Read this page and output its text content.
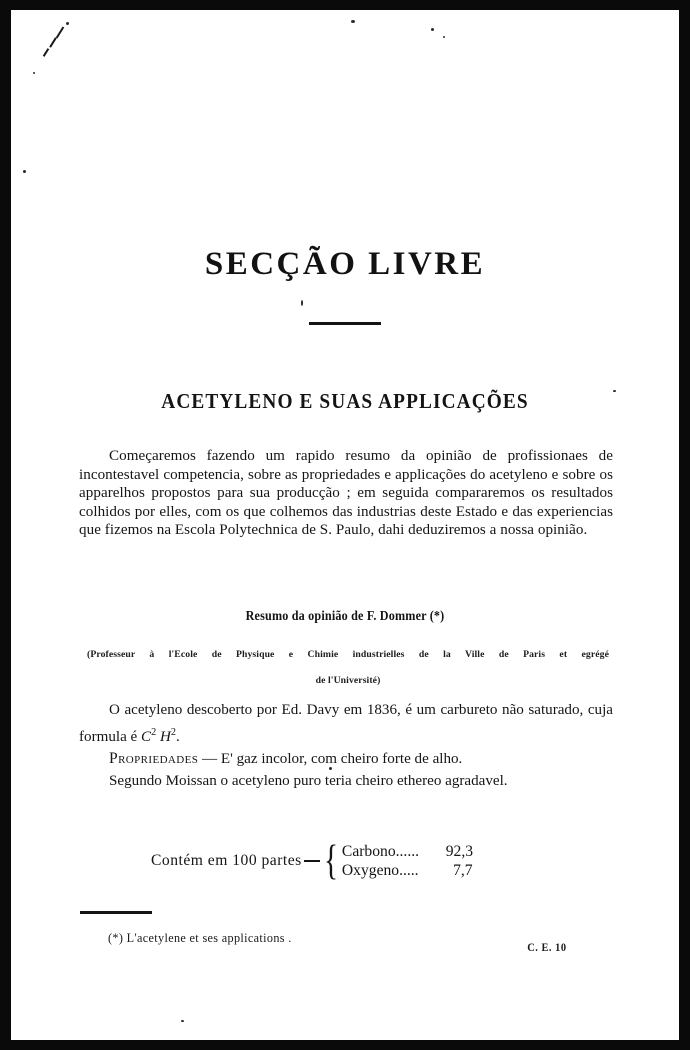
SECÇÃO LIVRE
ACETYLENO E SUAS APPLICAÇÕES

Começaremos fazendo um rapido resumo da opinião de profissionaes de incontestavel competencia, sobre as propriedades e applicações do acetyleno e sobre os apparelhos propostos para sua producção ; em seguida compararemos os resultados colhidos por elles, com os que colhemos das industrias deste Estado e das experiencias que fizemos na Escola Polytechnica de S. Paulo, dahi deduziremos a nossa opinião.

Resumo da opinião de F. Dommer (*)
(Professeur à l'Ecole de Physique e Chimie industrielles de la Ville de Paris et egrégé
de l'Université)

O acetyleno descoberto por Ed. Davy em 1836, é um carbureto não saturado, cuja formula é $C^2$ $H^2$.

Propriedades — E' gaz incolor, com cheiro forte de alho.

Segundo Moissan o acetyleno puro teria cheiro ethereo agradavel.

Contém em 100 partes { Carbono......	92,3
Oxygeno.....	7,7
(*) L'acetylene et ses applications .
C. E. 10
